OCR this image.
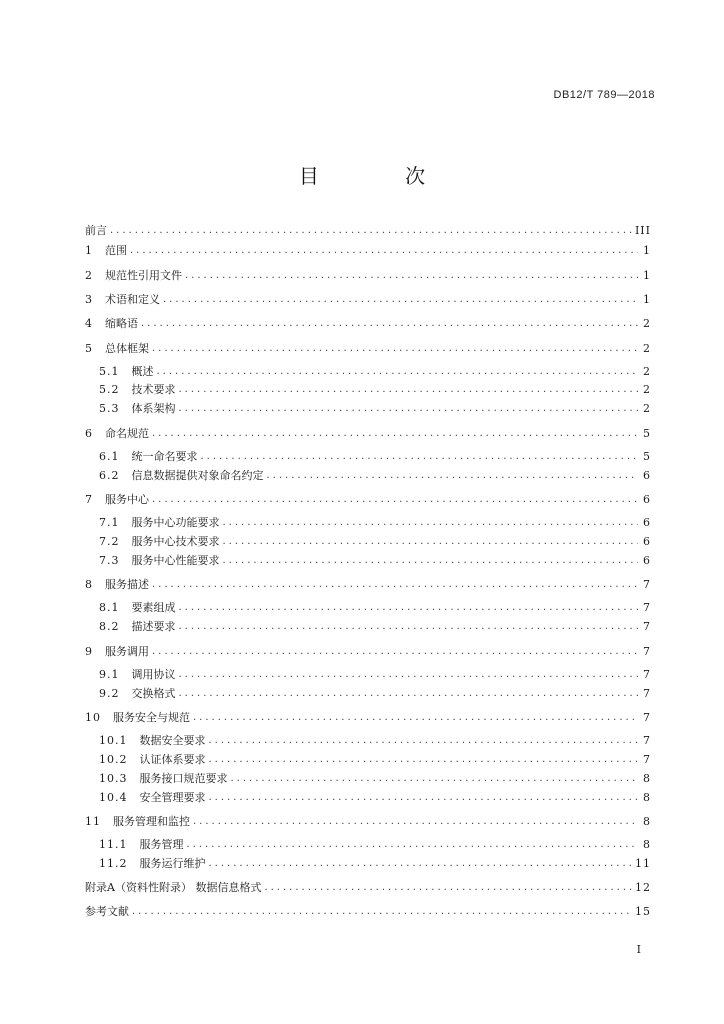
DB12/T 789—2018
目 次
前言 .....	III
1 范围 .....	1
2 规范性引用文件 .....	1
3 术语和定义 .....	1
4 缩略语 .....	2
5 总体框架 .....	2
5.1 概述 .....	2
5.2 技术要求 .....	2
5.3 体系架构 .....	2
6 命名规范 .....	5
6.1 统一命名要求 .....	5
6.2 信息数据提供对象命名约定 .....	6
7 服务中心 .....	6
7.1 服务中心功能要求 .....	6
7.2 服务中心技术要求 .....	6
7.3 服务中心性能要求 .....	6
8 服务描述 .....	7
8.1 要素组成 .....	7
8.2 描述要求 .....	7
9 服务调用 .....	7
9.1 调用协议 .....	7
9.2 交换格式 .....	7
10 服务安全与规范 .....	7
10.1 数据安全要求 .....	7
10.2 认证体系要求 .....	7
10.3 服务接口规范要求 .....	8
10.4 安全管理要求 .....	8
11 服务管理和监控 .....	8
11.1 服务管理 .....	8
11.2 服务运行维护 .....	11
附录A（资料性附录） 数据信息格式 .....	12
参考文献 .....	15
I
